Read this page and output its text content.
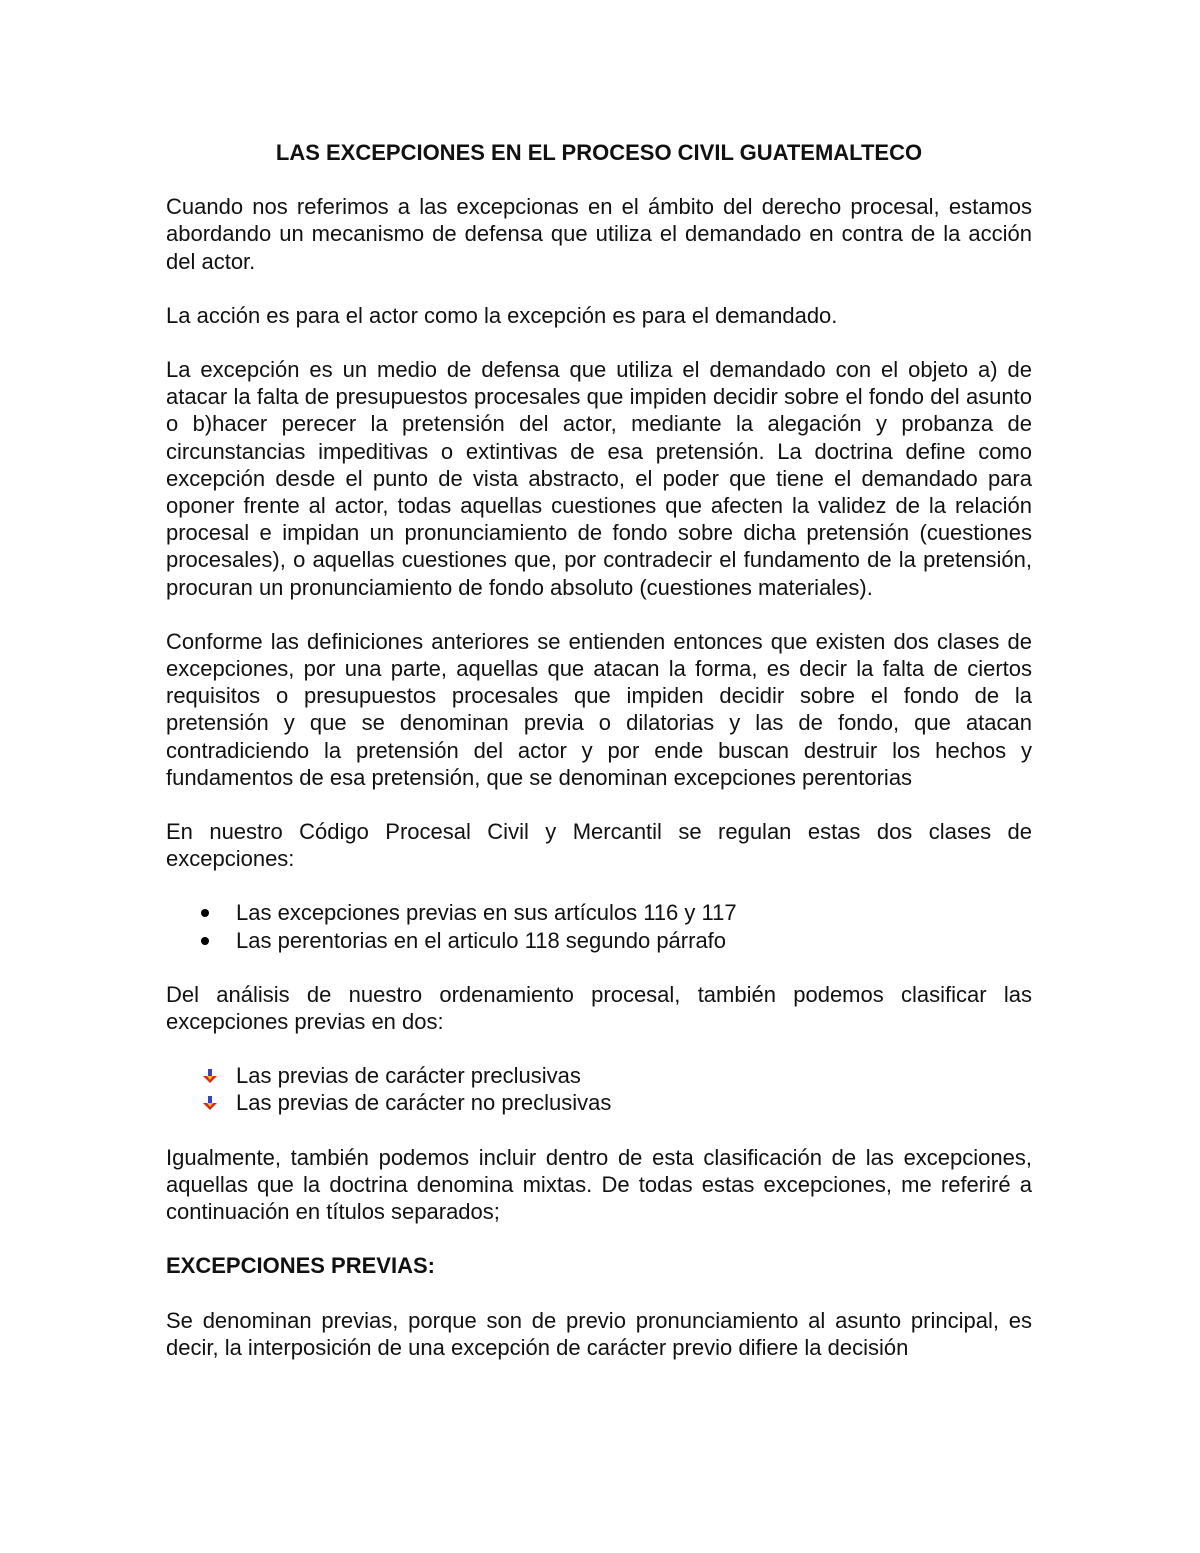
LAS EXCEPCIONES EN EL PROCESO CIVIL GUATEMALTECO

Cuando nos referimos a las excepcionas en el ámbito del derecho procesal, estamos abordando un mecanismo de defensa que utiliza el demandado en contra de la acción del actor.

La acción es para el actor como la excepción es para el demandado.

La excepción es un medio de defensa que utiliza el demandado con el objeto a) de atacar la falta de presupuestos procesales que impiden decidir sobre el fondo del asunto o b)hacer perecer la pretensión del actor, mediante la alegación y probanza de circunstancias impeditivas o extintivas de esa pretensión. La doctrina define como excepción desde el punto de vista abstracto, el poder que tiene el demandado para oponer frente al actor, todas aquellas cuestiones que afecten la validez de la relación procesal e impidan un pronunciamiento de fondo sobre dicha pretensión (cuestiones procesales), o aquellas cuestiones que, por contradecir el fundamento de la pretensión, procuran un pronunciamiento de fondo absoluto (cuestiones materiales).

Conforme las definiciones anteriores se entienden entonces que existen dos clases de excepciones, por una parte, aquellas que atacan la forma, es decir la falta de ciertos requisitos o presupuestos procesales que impiden decidir sobre el fondo de la pretensión y que se denominan previa o dilatorias y las de fondo, que atacan contradiciendo la pretensión del actor y por ende buscan destruir los hechos y fundamentos de esa pretensión, que se denominan excepciones perentorias

En nuestro Código Procesal Civil y Mercantil se regulan estas dos clases de excepciones:

Las excepciones previas en sus artículos 116 y 117
Las perentorias en el articulo 118 segundo párrafo

Del análisis de nuestro ordenamiento procesal, también podemos clasificar las excepciones previas en dos:

Las previas de carácter preclusivas
Las previas de carácter no preclusivas

Igualmente, también podemos incluir dentro de esta clasificación de las excepciones, aquellas que la doctrina denomina mixtas. De todas estas excepciones, me referiré a continuación en títulos separados;

EXCEPCIONES PREVIAS:

Se denominan previas, porque son de previo pronunciamiento al asunto principal, es decir, la interposición de una excepción de carácter previo difiere la decisión
